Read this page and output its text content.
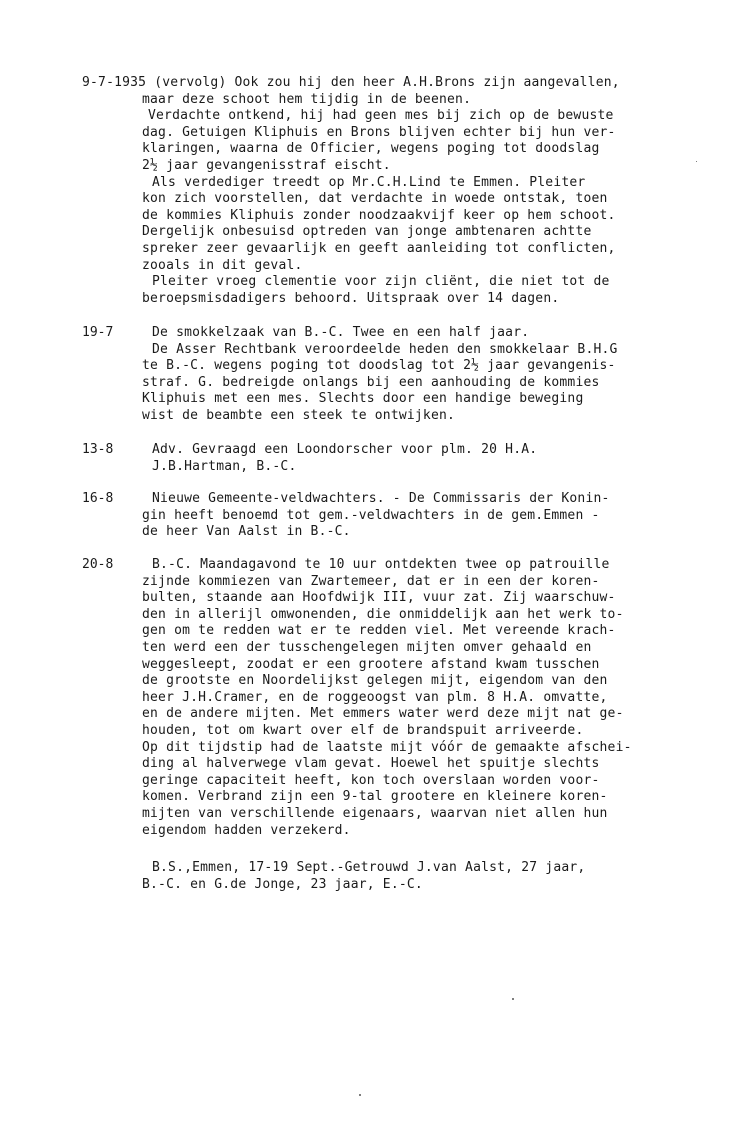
9-7-1935 (vervolg) Ook zou hij den heer A.H.Brons zijn aangevallen,
maar deze schoot hem tijdig in de beenen.
Verdachte ontkend, hij had geen mes bij zich op de bewuste
dag. Getuigen Kliphuis en Brons blijven echter bij hun ver-
klaringen, waarna de Officier, wegens poging tot doodslag
2½ jaar gevangenisstraf eischt.
Als verdediger treedt op Mr.C.H.Lind te Emmen. Pleiter
kon zich voorstellen, dat verdachte in woede ontstak, toen
de kommies Kliphuis zonder noodzaakvijf keer op hem schoot.
Dergelijk onbesuisd optreden van jonge ambtenaren achtte
spreker zeer gevaarlijk en geeft aanleiding tot conflicten,
zooals in dit geval.
Pleiter vroeg clementie voor zijn cliënt, die niet tot de
beroepsmisdadigers behoord. Uitspraak over 14 dagen.
19-7	De smokkelzaak van B.-C. Twee en een half jaar.
De Asser Rechtbank veroordeelde heden den smokkelaar B.H.G
te B.-C. wegens poging tot doodslag tot 2½ jaar gevangenis-
straf. G. bedreigde onlangs bij een aanhouding de kommies
Kliphuis met een mes. Slechts door een handige beweging
wist de beambte een steek te ontwijken.
13-8	Adv. Gevraagd een Loondorscher voor plm. 20 H.A.
J.B.Hartman, B.-C.
16-8	Nieuwe Gemeente-veldwachters. - De Commissaris der Konin-
gin heeft benoemd tot gem.-veldwachters in de gem.Emmen -
de heer Van Aalst in B.-C.
20-8	B.-C. Maandagavond te 10 uur ontdekten twee op patrouille
zijnde kommiezen van Zwartemeer, dat er in een der koren-
bulten, staande aan Hoofdwijk III, vuur zat. Zij waarschuw-
den in allerijl omwonenden, die onmiddelijk aan het werk to-
gen om te redden wat er te redden viel. Met vereende krach-
ten werd een der tusschengelegen mijten omver gehaald en
weggesleept, zoodat er een grootere afstand kwam tusschen
de grootste en Noordelijkst gelegen mijt, eigendom van den
heer J.H.Cramer, en de roggeoogst van plm. 8 H.A. omvatte,
en de andere mijten. Met emmers water werd deze mijt nat ge-
houden, tot om kwart over elf de brandspuit arriveerde.
Op dit tijdstip had de laatste mijt vóór de gemaakte afschei-
ding al halverwege vlam gevat. Hoewel het spuitje slechts
geringe capaciteit heeft, kon toch overslaan worden voor-
komen. Verbrand zijn een 9-tal grootere en kleinere koren-
mijten van verschillende eigenaars, waarvan niet allen hun
eigendom hadden verzekerd.
B.S.,Emmen, 17-19 Sept.-Getrouwd J.van Aalst, 27 jaar,
B.-C. en G.de Jonge, 23 jaar, E.-C.
